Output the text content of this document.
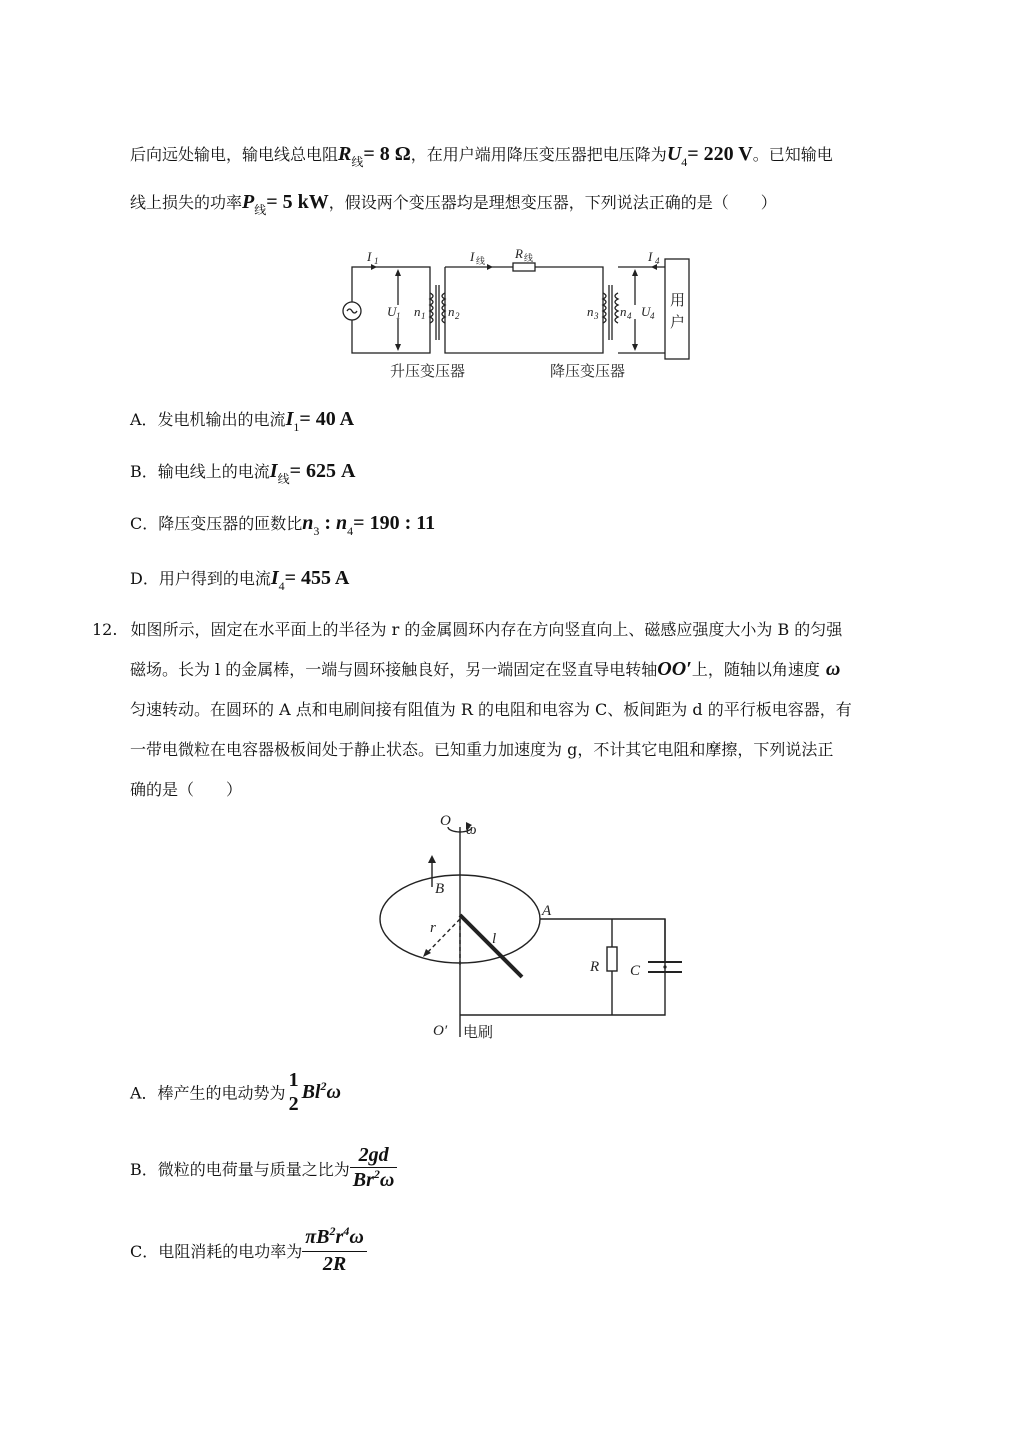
后向远处输电，输电线总电阻$R_线= 8$ Ω，在用户端用降压变压器把电压降为$U_4= 220$ V。已知输电
线上损失的功率$P_线= 5$ kW，假设两个变压器均是理想变压器，下列说法正确的是（　　）
I 1	I 线 R 线	I 4
U 1 n 1 n 2	n 3 n 4 U 4
用
户
升压变压器	降压变压器
A．发电机输出的电流$I_1= 40$ A
B．输电线上的电流$I_线= 625$ A
C．降压变压器的匝数比$n_3$ : $n_4= 190$ : 11
D．用户得到的电流$I_4= 455$ A
12. 如图所示，固定在水平面上的半径为 r 的金属圆环内存在方向竖直向上、磁感应强度大小为 B 的匀强
磁场。长为 l 的金属棒，一端与圆环接触良好，另一端固定在竖直导电转轴OO′上，随轴以角速度 ω
匀速转动。在圆环的 A 点和电刷间接有阻值为 R 的电阻和电容为 C、板间距为 d 的平行板电容器，有
一带电微粒在电容器极板间处于静止状态。已知重力加速度为 g，不计其它电阻和摩擦，下列说法正
确的是（　　）
O
ω
B
A
r
l
R C
O′ 电刷
A．棒产生的电动势为
1
2
Bl$^2$ω
B．微粒的电荷量与质量之比为 $\frac{2gd}{Br^2\omega}$
C．电阻消耗的电功率为 $\frac{\pi B^2r^4\omega}{2R}$
